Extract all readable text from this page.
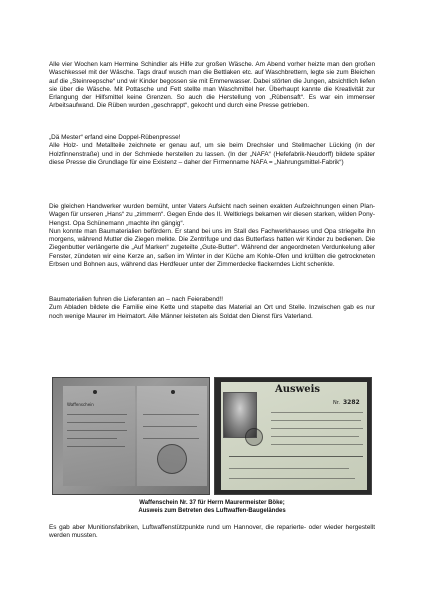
Alle vier Wochen kam Hermine Schindler als Hilfe zur großen Wäsche. Am Abend vorher heizte man den großen Waschkessel mit der Wäsche. Tags drauf wusch man die Bettlaken etc. auf Waschbrettern, legte sie zum Bleichen auf die „Steinreepsche“ und wir Kinder begossen sie mit Emmerwasser. Dabei störten die Jungen, absichtlich liefen sie über die Wäsche. Mit Pottasche und Fett stellte man Waschmittel her. Überhaupt kannte die Kreativität zur Erlangung der Hilfsmittel keine Grenzen. So auch die Herstellung von „Rübensaft“. Es war ein immenser Arbeitsaufwand. Die Rüben wurden „geschrappt“, gekocht und durch eine Presse getrieben.

„Dä Mester“ erfand eine Doppel-Rübenpresse!
Alle Holz- und Metallteile zeichnete er genau auf, um sie beim Drechsler und Stellmacher Lücking (in der Holzfinnenstraße) und in der Schmiede herstellen zu lassen. (In der „NAFA“ (Hefefabrik-Neudorff) bildete später diese Presse die Grundlage für eine Existenz – daher der Firmenname NAFA = „Nahrungsmittel-Fabrik“)

Die gleichen Handwerker wurden bemüht, unter Vaters Aufsicht nach seinen exakten Aufzeichnungen einen Plan-Wagen für unseren „Hans“ zu „zimmern“. Gegen Ende des II. Weltkriegs bekamen wir diesen starken, wilden Pony-Hengst. Opa Schünemann „machte ihn gängig“.
Nun konnte man Baumaterialien befördern. Er stand bei uns im Stall des Fachwerkhauses und Opa striegelte ihn morgens, während Mutter die Ziegen melkte. Die Zentrifuge und das Butterfass hatten wir Kinder zu bedienen. Die Ziegenbutter verlängerte die „Auf Marken“ zugeteilte „Gute-Butter“. Während der angeordneten Verdunkelung aller Fenster, zündeten wir eine Kerze an, saßen im Winter in der Küche am Kohle-Ofen und krüllten die getrockneten Erbsen und Bohnen aus, während das Herdfeuer unter der Zimmerdecke flackerndes Licht schenkte.

Baumaterialien fuhren die Lieferanten an – nach Feierabend!!
Zum Abladen bildete die Familie eine Kette und stapelte das Material an Ort und Stelle. Inzwischen gab es nur noch wenige Maurer im Heimatort. Alle Männer leisteten als Soldat den Dienst fürs Vaterland.

Waffenschein
Ausweis
Nr. 3282
Waffenschein Nr. 37 für Herrn Maurermeister Böke;
Ausweis zum Betreten des Luftwaffen-Baugeländes

Es gab aber Munitionsfabriken, Luftwaffenstützpunkte rund um Hannover, die reparierte- oder wieder hergestellt werden mussten.
